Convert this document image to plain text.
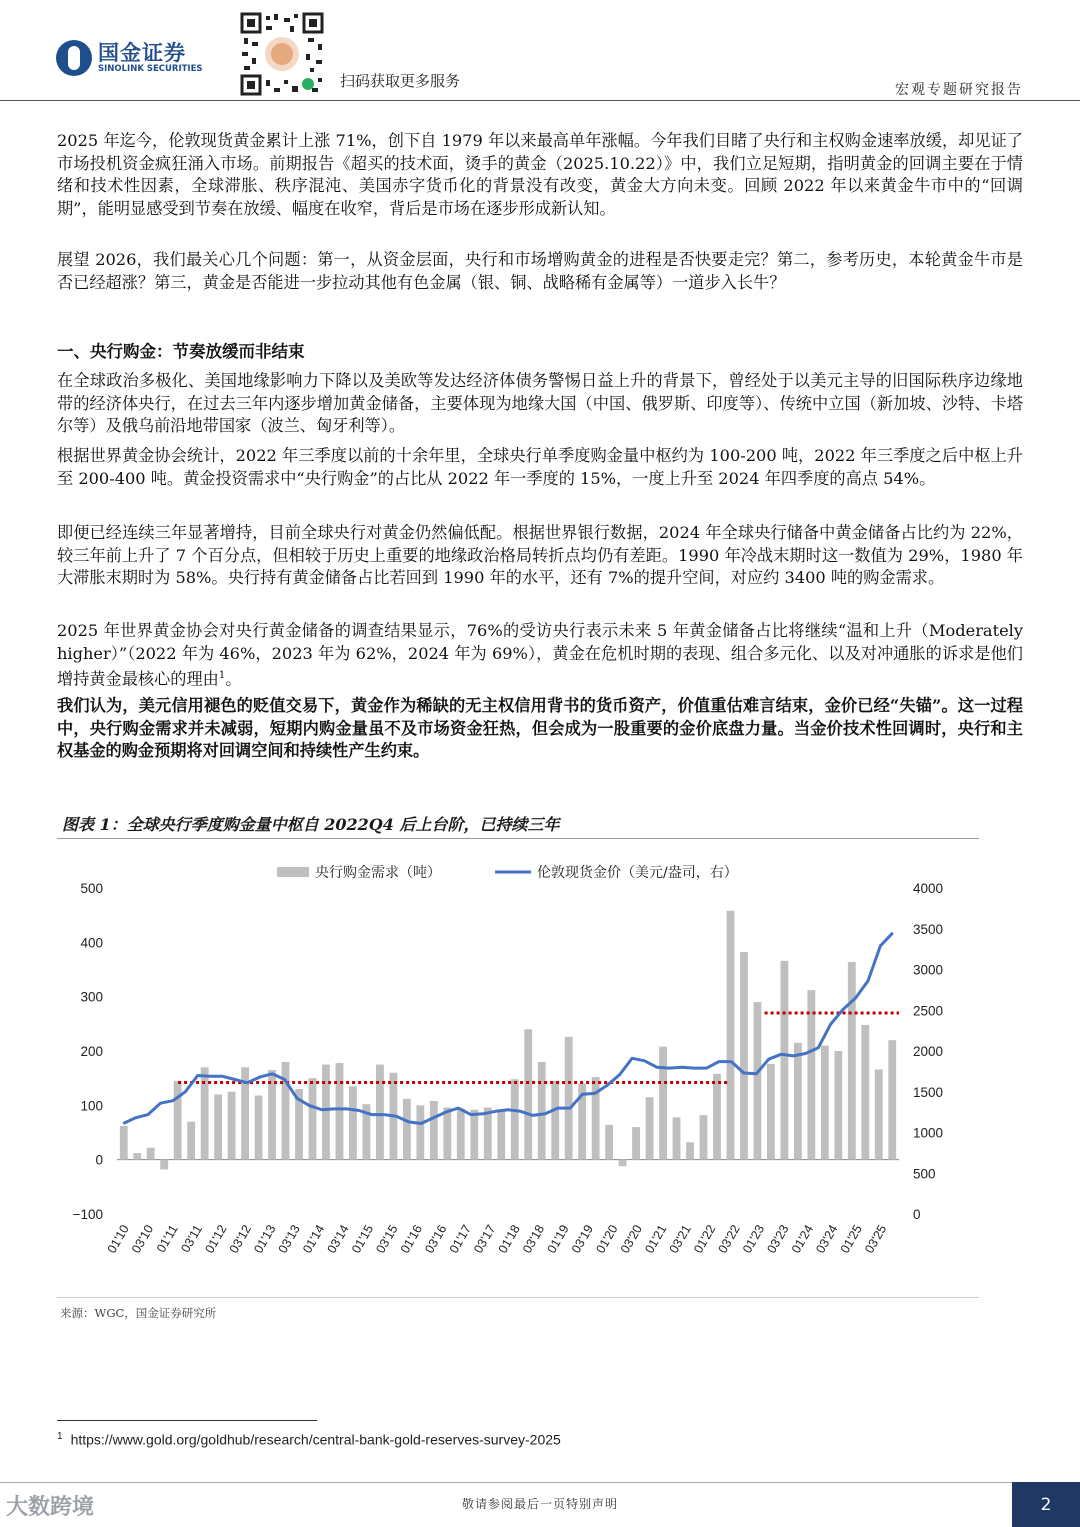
国金证券
SINOLINK SECURITIES
扫码获取更多服务	宏观专题研究报告

2025 年迄今，伦敦现货黄金累计上涨 71%，创下自 1979 年以来最高单年涨幅。今年我们目睹了央行和主权购金速率放缓，却见证了市场投机资金疯狂涌入市场。前期报告《超买的技术面，烫手的黄金（2025.10.22）》中，我们立足短期，指明黄金的回调主要在于情绪和技术性因素，全球滞胀、秩序混沌、美国赤字货币化的背景没有改变，黄金大方向未变。回顾 2022 年以来黄金牛市中的“回调期”，能明显感受到节奏在放缓、幅度在收窄，背后是市场在逐步形成新认知。

展望 2026，我们最关心几个问题：第一，从资金层面，央行和市场增购黄金的进程是否快要走完？第二，参考历史，本轮黄金牛市是否已经超涨？第三，黄金是否能进一步拉动其他有色金属（银、铜、战略稀有金属等）一道步入长牛？

一、央行购金：节奏放缓而非结束

在全球政治多极化、美国地缘影响力下降以及美欧等发达经济体债务警惕日益上升的背景下，曾经处于以美元主导的旧国际秩序边缘地带的经济体央行，在过去三年内逐步增加黄金储备，主要体现为地缘大国（中国、俄罗斯、印度等）、传统中立国（新加坡、沙特、卡塔尔等）及俄乌前沿地带国家（波兰、匈牙利等）。

根据世界黄金协会统计，2022 年三季度以前的十余年里，全球央行单季度购金量中枢约为 100-200 吨，2022 年三季度之后中枢上升至 200-400 吨。黄金投资需求中“央行购金”的占比从 2022 年一季度的 15%，一度上升至 2024 年四季度的高点 54%。

即便已经连续三年显著增持，目前全球央行对黄金仍然偏低配。根据世界银行数据，2024 年全球央行储备中黄金储备占比约为 22%，较三年前上升了 7 个百分点，但相较于历史上重要的地缘政治格局转折点均仍有差距。1990 年冷战末期时这一数值为 29%，1980 年大滞胀末期时为 58%。央行持有黄金储备占比若回到 1990 年的水平，还有 7%的提升空间，对应约 3400 吨的购金需求。

2025 年世界黄金协会对央行黄金储备的调查结果显示，76%的受访央行表示未来 5 年黄金储备占比将继续“温和上升（Moderately higher）”（2022 年为 46%，2023 年为 62%，2024 年为 69%），黄金在危机时期的表现、组合多元化、以及对冲通胀的诉求是他们增持黄金最核心的理由$^1$。

我们认为，美元信用褪色的贬值交易下，黄金作为稀缺的无主权信用背书的货币资产，价值重估难言结束，金价已经“失锚”。这一过程中，央行购金需求并未减弱，短期内购金量虽不及市场资金狂热，但会成为一股重要的金价底盘力量。当金价技术性回调时，央行和主权基金的购金预期将对回调空间和持续性产生约束。

图表 1：全球央行季度购金量中枢自 2022Q4 后上台阶，已持续三年
−100
0
100
200
300
400
500
0
500
1000
1500
2000
2500
3000
3500
4000
01'10
03'10
01'11
03'11
01'12
03'12
01'13
03'13
01'14
03'14
01'15
03'15
01'16
03'16
01'17
03'17
01'18
03'18
01'19
03'19
01'20
03'20
01'21
03'21
01'22
03'22
01'23
03'23
01'24
03'24
01'25
03'25
央行购金需求（吨）	伦敦现货金价（美元/盎司，右）
来源：WGC，国金证券研究所
$^1$ https://www.gold.org/goldhub/research/central-bank-gold-reserves-survey-2025
大数跨境	敬请参阅最后一页特别声明	2
